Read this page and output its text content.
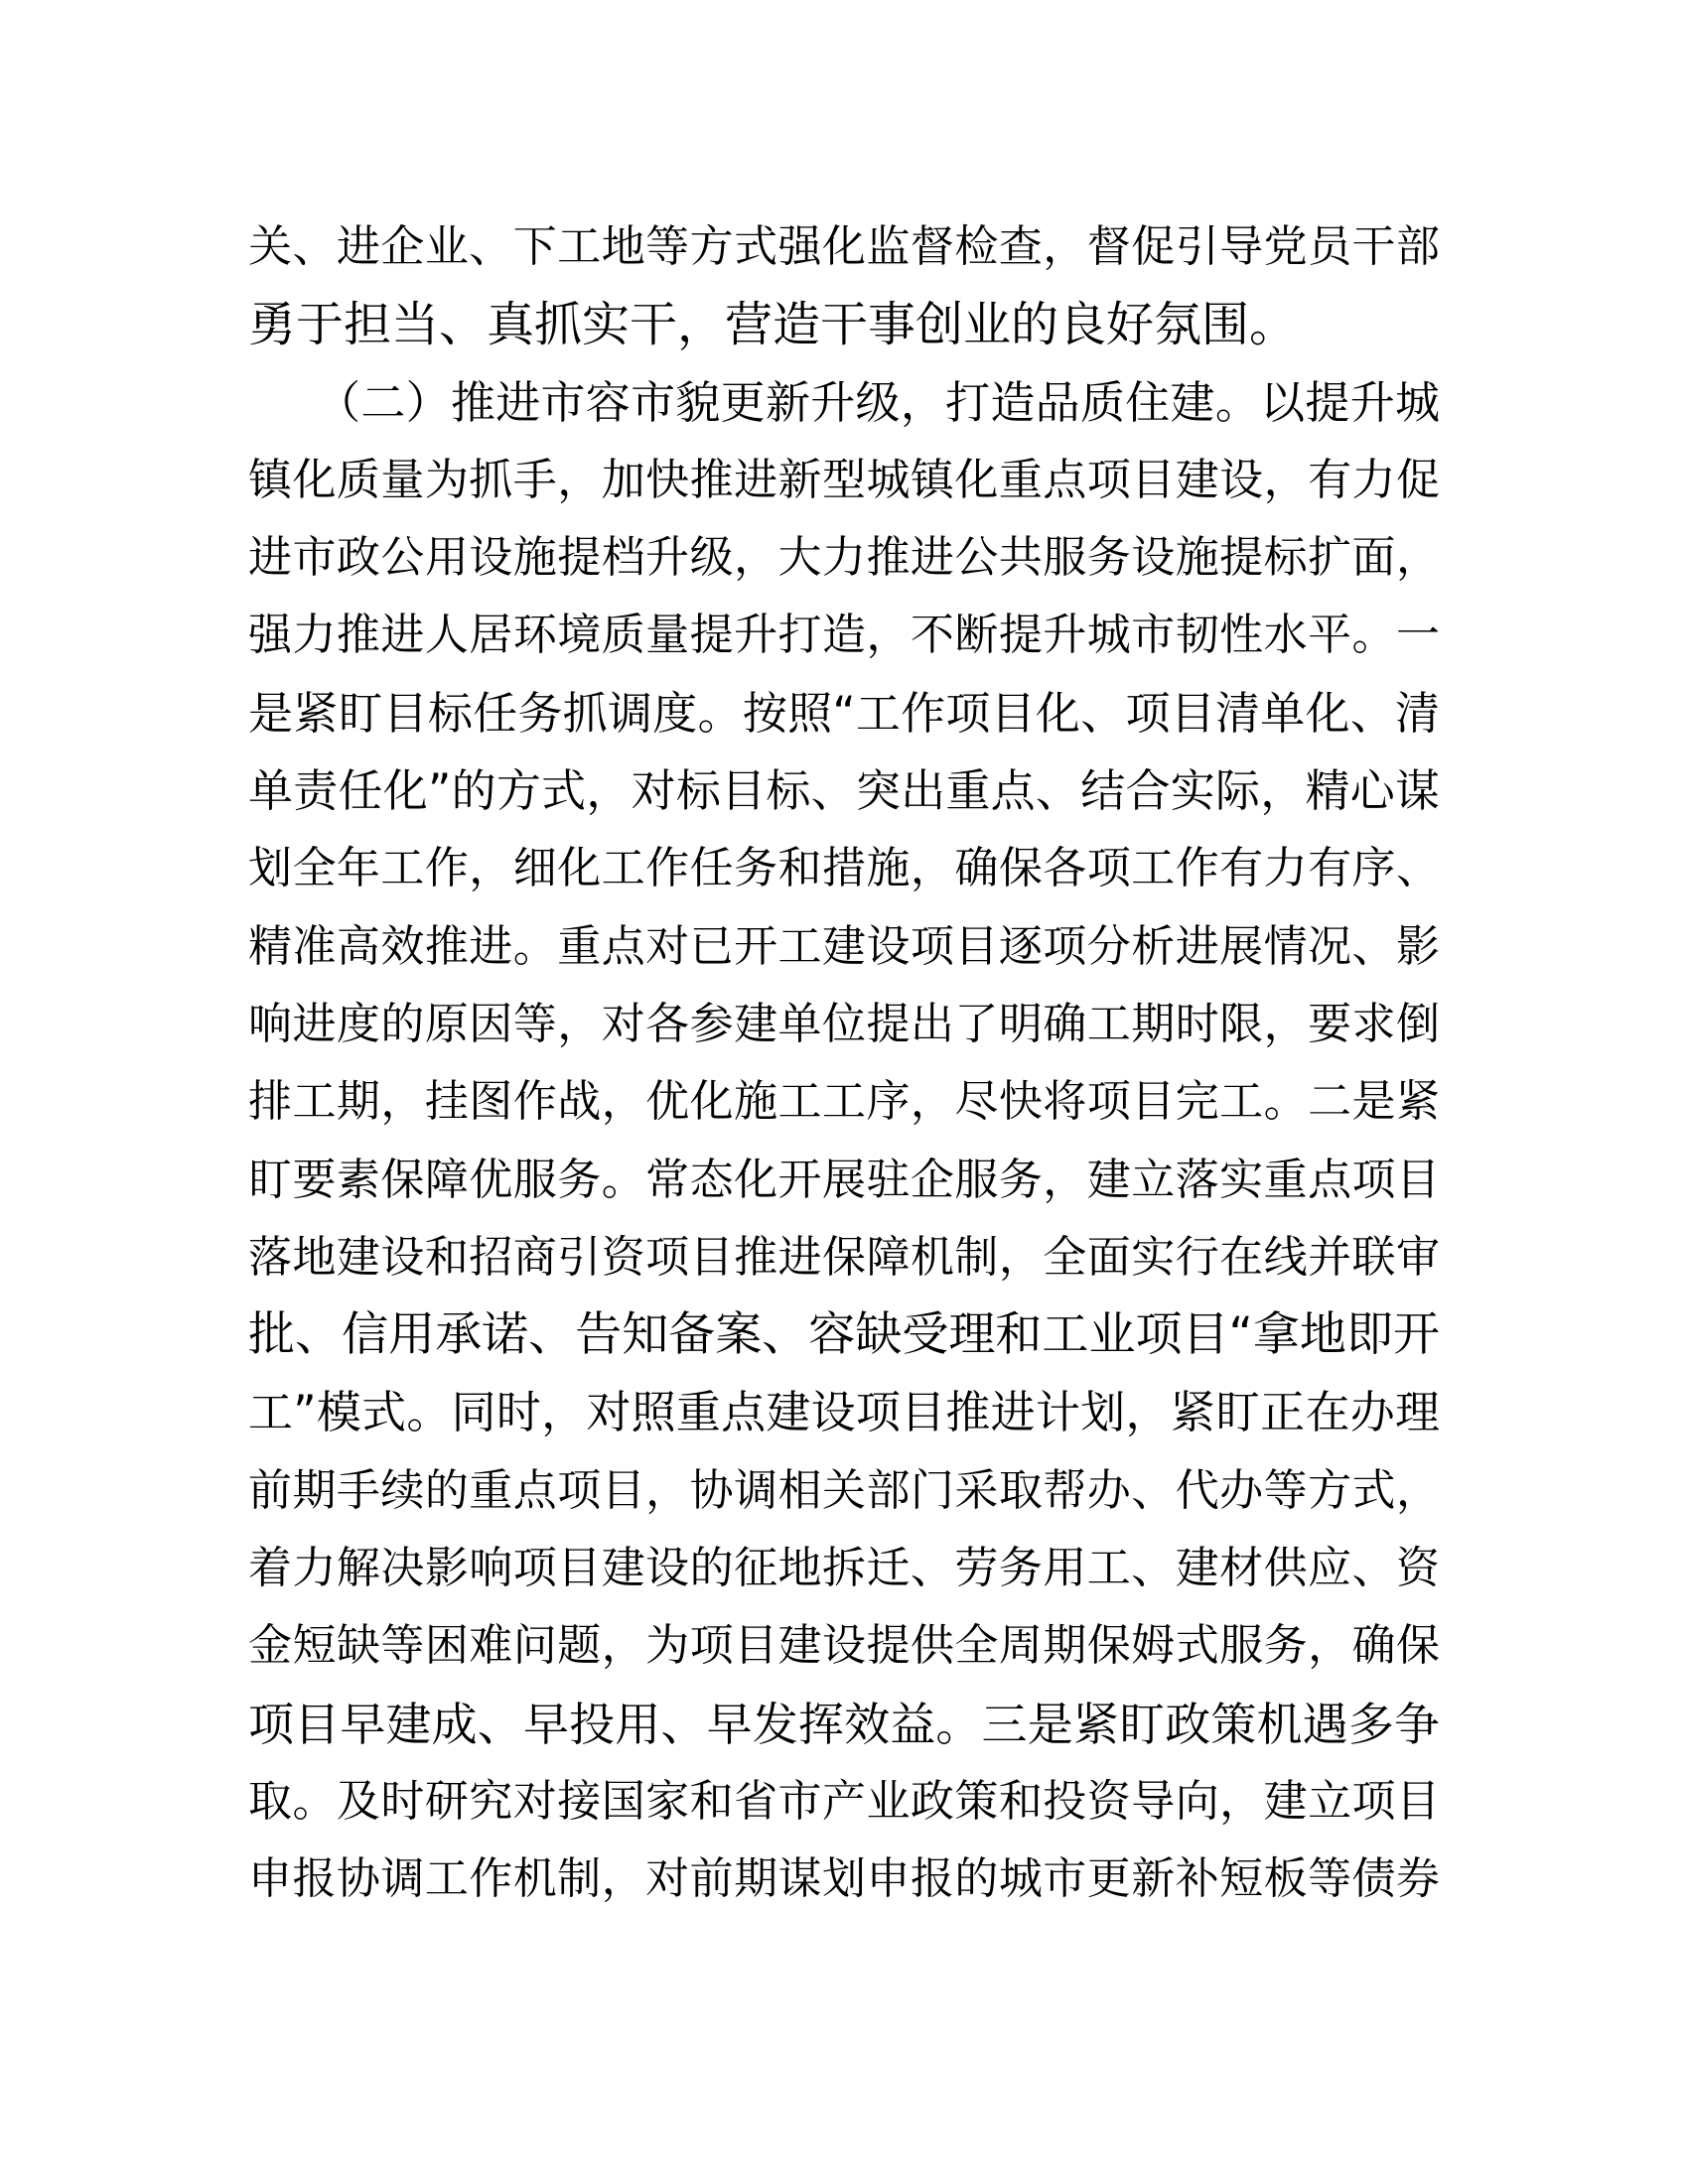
关、进企业、下工地等方式强化监督检查，督促引导党员干部
勇于担当、真抓实干，营造干事创业的良好氛围。
　　（二）推进市容市貌更新升级，打造品质住建。以提升城
镇化质量为抓手，加快推进新型城镇化重点项目建设，有力促
进市政公用设施提档升级，大力推进公共服务设施提标扩面，
强力推进人居环境质量提升打造，不断提升城市韧性水平。一
是紧盯目标任务抓调度。按照“工作项目化、项目清单化、清
单责任化”的方式，对标目标、突出重点、结合实际，精心谋
划全年工作，细化工作任务和措施，确保各项工作有力有序、
精准高效推进。重点对已开工建设项目逐项分析进展情况、影
响进度的原因等，对各参建单位提出了明确工期时限，要求倒
排工期，挂图作战，优化施工工序，尽快将项目完工。二是紧
盯要素保障优服务。常态化开展驻企服务，建立落实重点项目
落地建设和招商引资项目推进保障机制，全面实行在线并联审
批、信用承诺、告知备案、容缺受理和工业项目“拿地即开
工”模式。同时，对照重点建设项目推进计划，紧盯正在办理
前期手续的重点项目，协调相关部门采取帮办、代办等方式，
着力解决影响项目建设的征地拆迁、劳务用工、建材供应、资
金短缺等困难问题，为项目建设提供全周期保姆式服务，确保
项目早建成、早投用、早发挥效益。三是紧盯政策机遇多争
取。及时研究对接国家和省市产业政策和投资导向，建立项目
申报协调工作机制，对前期谋划申报的城市更新补短板等债券
